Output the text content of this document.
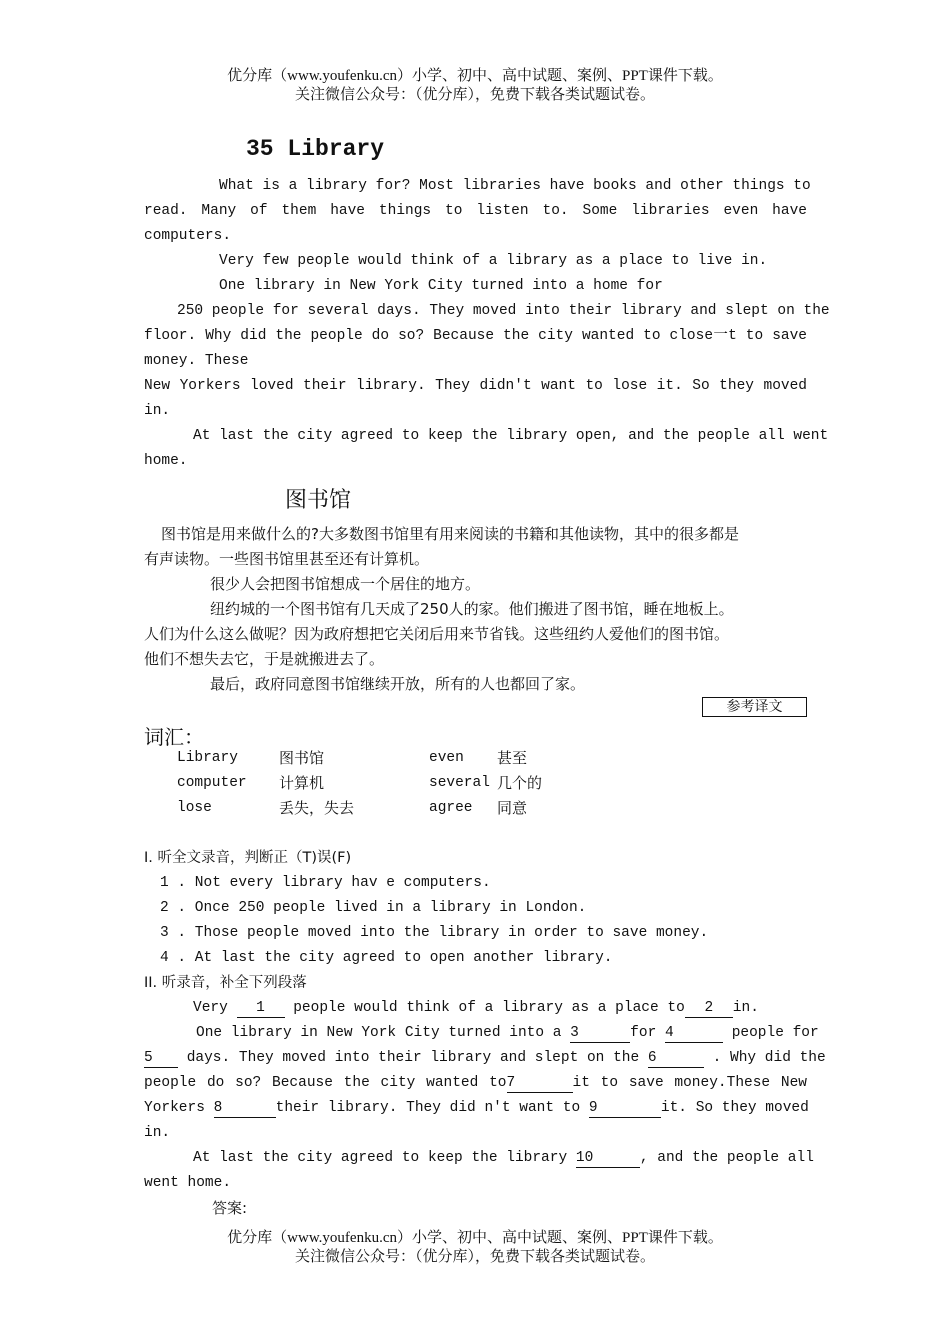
优分库（www.youfenku.cn）小学、初中、高中试题、案例、PPT课件下载。
关注微信公众号：（优分库），免费下载各类试题试卷。
35 Library
What is a library for? Most libraries have books and other things to
read. Many of them have things to listen to. Some libraries even have
computers.
Very few people would think of a library as a place to live in.
One library in New York City turned into a home for
250 people for several days. They moved into their library and slept on the
floor. Why did the people do so? Because the city wanted to close一t to save
money. These
New Yorkers loved their library. They didn't want to lose it. So they moved
in.
At last the city agreed to keep the library open, and the people all went
home.
图书馆
图书馆是用来做什么的?大多数图书馆里有用来阅读的书籍和其他读物，其中的很多都是
有声读物。一些图书馆里甚至还有计算机。
很少人会把图书馆想成一个居住的地方。
纽约城的一个图书馆有几天成了250人的家。他们搬进了图书馆，睡在地板上。
人们为什么这么做呢？因为政府想把它关闭后用来节省钱。这些纽约人爱他们的图书馆。
他们不想失去它，于是就搬进去了。
最后，政府同意图书馆继续开放，所有的人也都回了家。
参考译文
词汇：
Library	图书馆	even 甚至
computer 计算机	several 几个的
lose	丢失，失去	agree 同意
I. 听全文录音，判断正（T)误(F)
1 . Not every library hav e computers.
2 . Once 250 people lived in a library in London.
3 . Those people moved into the library in order to save money.
4 . At last the city agreed to open another library.
II. 听录音，补全下列段落
Very 1 people would think of a library as a place to 2 in.
One library in New York City turned into a 3	for 4	people for
5 days. They moved into their library and slept on the 6	. Why did the
people do so? Because the city wanted to7	it to save money.These New
Yorkers 8	their library. They did n't want to 9	it. So they moved
in.
At last the city agreed to keep the library 10	, and the people all
went home.
答案:
优分库（www.youfenku.cn）小学、初中、高中试题、案例、PPT课件下载。
关注微信公众号：（优分库），免费下载各类试题试卷。
